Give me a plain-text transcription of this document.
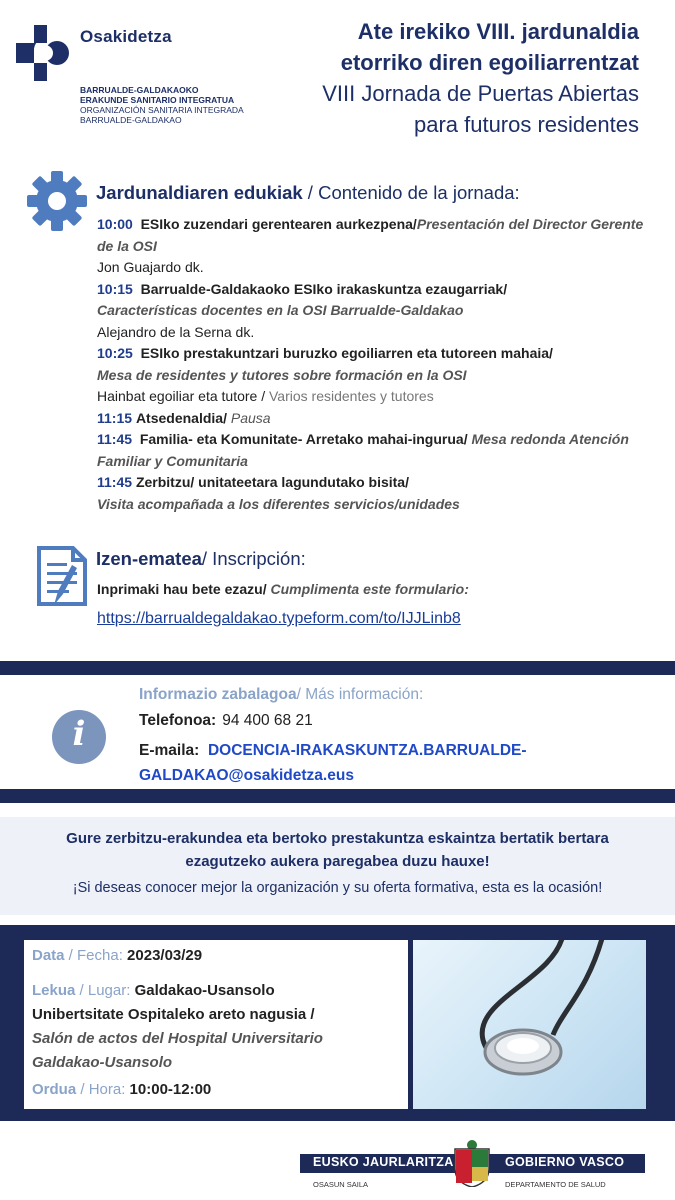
Osakidetza
BARRUALDE-GALDAKAOKO
ERAKUNDE SANITARIO INTEGRATUA
ORGANIZACIÓN SANITARIA INTEGRADA
BARRUALDE-GALDAKAO
Ate irekiko VIII. jardunaldia
etorriko diren egoiliarrentzat
VIII Jornada de Puertas Abiertas
para futuros residentes
Jardunaldiaren edukiak / Contenido de la jornada:
10:00 ESIko zuzendari gerentearen aurkezpena/Presentación del Director Gerente de la OSI
Jon Guajardo dk.
10:15 Barrualde-Galdakaoko ESIko irakaskuntza ezaugarriak/
Características docentes en la OSI Barrualde-Galdakao
Alejandro de la Serna dk.
10:25 ESIko prestakuntzari buruzko egoiliarren eta tutoreen mahaia/
Mesa de residentes y tutores sobre formación en la OSI
Hainbat egoiliar eta tutore / Varios residentes y tutores
11:15 Atsedenaldia/ Pausa
11:45 Familia- eta Komunitate- Arretako mahai-ingurua/ Mesa redonda Atención Familiar y Comunitaria
11:45 Zerbitzu/ unitateetara lagundutako bisita/
Visita acompañada a los diferentes servicios/unidades
Izen-ematea/ Inscripción:
Inprimaki hau bete ezazu/ Cumplimenta este formulario:
https://barrualdegaldakao.typeform.com/to/IJJLinb8
i
Informazio zabalagoa/ Más información:
Telefonoa: 94 400 68 21
E-maila: DOCENCIA-IRAKASKUNTZA.BARRUALDE-
GALDAKAO@osakidetza.eus
Gure zerbitzu-erakundea eta bertoko prestakuntza eskaintza bertatik bertara
ezagutzeko aukera paregabea duzu hauxe!
¡Si deseas conocer mejor la organización y su oferta formativa, esta es la ocasión!
Data / Fecha: 2023/03/29
Lekua / Lugar: Galdakao-Usansolo
Unibertsitate Ospitaleko areto nagusia /
Salón de actos del Hospital Universitario
Galdakao-Usansolo
Ordua / Hora: 10:00-12:00
EUSKO JAURLARITZA	GOBIERNO VASCO
OSASUN SAILA	DEPARTAMENTO DE SALUD
